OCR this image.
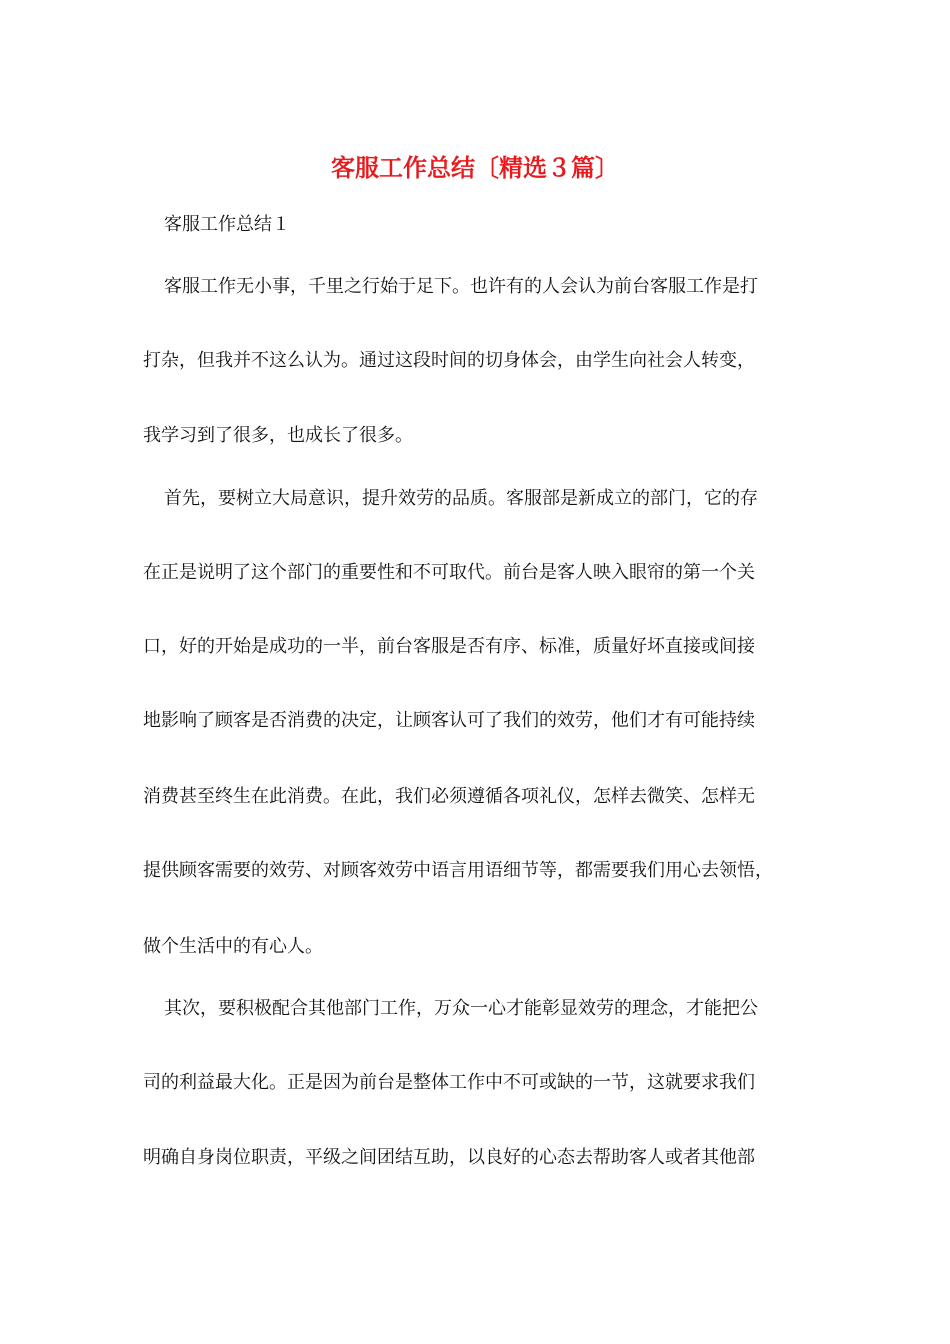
客服工作总结〔精选３篇〕
客服工作总结１
客服工作无小事，千里之行始于足下。也许有的人会认为前台客服工作是打
打杂，但我并不这么认为。通过这段时间的切身体会，由学生向社会人转变，
我学习到了很多，也成长了很多。
首先，要树立大局意识，提升效劳的品质。客服部是新成立的部门，它的存
在正是说明了这个部门的重要性和不可取代。前台是客人映入眼帘的第一个关
口，好的开始是成功的一半，前台客服是否有序、标准，质量好坏直接或间接
地影响了顾客是否消费的决定，让顾客认可了我们的效劳，他们才有可能持续
消费甚至终生在此消费。在此，我们必须遵循各项礼仪，怎样去微笑、怎样无
提供顾客需要的效劳、对顾客效劳中语言用语细节等，都需要我们用心去领悟，
做个生活中的有心人。
其次，要积极配合其他部门工作，万众一心才能彰显效劳的理念，才能把公
司的利益最大化。正是因为前台是整体工作中不可或缺的一节，这就要求我们
明确自身岗位职责，平级之间团结互助，以良好的心态去帮助客人或者其他部
